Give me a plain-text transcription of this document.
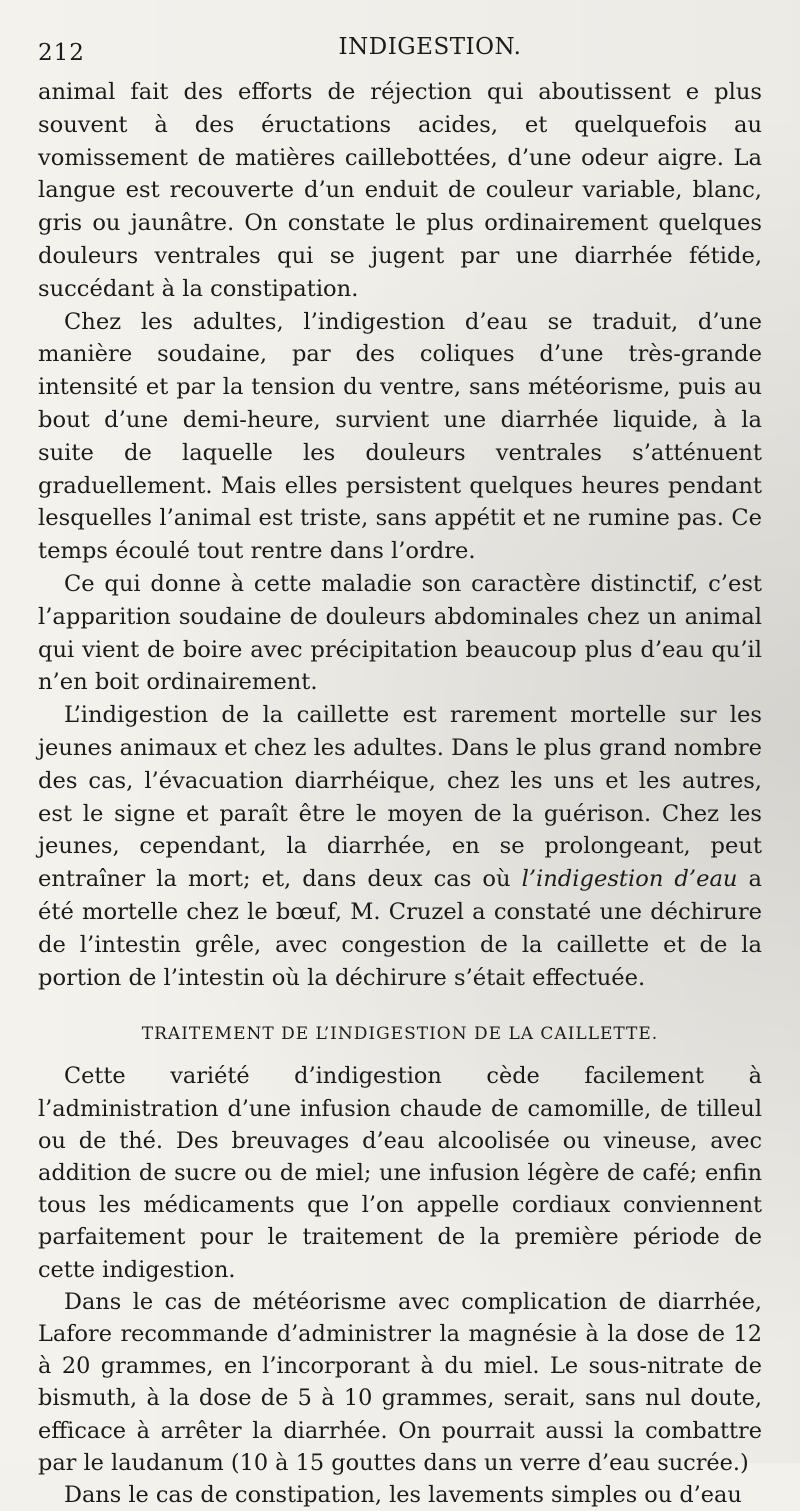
212	INDIGESTION.

animal fait des efforts de réjection qui aboutissent e plus souvent à des éructations acides, et quelquefois au vomissement de matières caillebottées, d’une odeur aigre. La langue est recouverte d’un enduit de couleur variable, blanc, gris ou jaunâtre. On constate le plus ordinairement quelques douleurs ventrales qui se jugent par une diarrhée fétide, succédant à la constipation.

Chez les adultes, l’indigestion d’eau se traduit, d’une manière soudaine, par des coliques d’une très-grande intensité et par la tension du ventre, sans météorisme, puis au bout d’une demi-heure, survient une diarrhée liquide, à la suite de laquelle les douleurs ventrales s’atténuent graduellement. Mais elles persistent quelques heures pendant lesquelles l’animal est triste, sans appétit et ne rumine pas. Ce temps écoulé tout rentre dans l’ordre.

Ce qui donne à cette maladie son caractère distinctif, c’est l’apparition soudaine de douleurs abdominales chez un animal qui vient de boire avec précipitation beaucoup plus d’eau qu’il n’en boit ordinairement.

L’indigestion de la caillette est rarement mortelle sur les jeunes animaux et chez les adultes. Dans le plus grand nombre des cas, l’évacuation diarrhéique, chez les uns et les autres, est le signe et paraît être le moyen de la guérison. Chez les jeunes, cependant, la diarrhée, en se prolongeant, peut entraîner la mort; et, dans deux cas où l’indigestion d’eau a été mortelle chez le bœuf, M. Cruzel a constaté une déchirure de l’intestin grêle, avec congestion de la caillette et de la portion de l’intestin où la déchirure s’était effectuée.

TRAITEMENT DE L’INDIGESTION DE LA CAILLETTE.

Cette variété d’indigestion cède facilement à l’administration d’une infusion chaude de camomille, de tilleul ou de thé. Des breuvages d’eau alcoolisée ou vineuse, avec addition de sucre ou de miel; une infusion légère de café; enfin tous les médicaments que l’on appelle cordiaux conviennent parfaitement pour le traitement de la première période de cette indigestion.

Dans le cas de météorisme avec complication de diarrhée, Lafore recommande d’administrer la magnésie à la dose de 12 à 20 grammes, en l’incorporant à du miel. Le sous-nitrate de bismuth, à la dose de 5 à 10 grammes, serait, sans nul doute, efficace à arrêter la diarrhée. On pourrait aussi la combattre par le laudanum (10 à 15 gouttes dans un verre d’eau sucrée.)

Dans le cas de constipation, les lavements simples ou d’eau
